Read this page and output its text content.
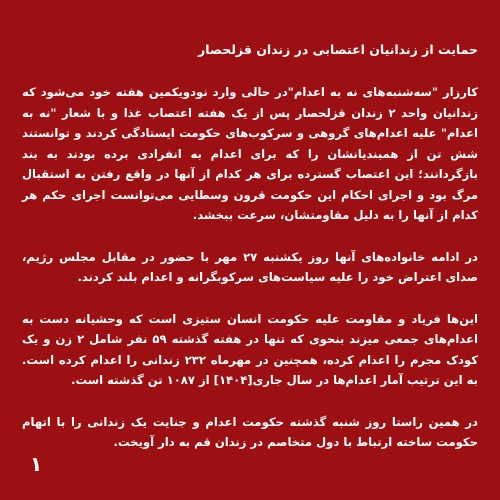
حمایت از زندانیان اعتصابی در زندان قزلحصار

کارزار "سه‌شنبه‌های نه به اعدام"در حالی وارد نودویکمین هفته خود می‌شود که زندانیان واحد ۲ زندان قزلحصار پس از یک هفته اعتصاب غذا و با شعار "نه به اعدام" علیه اعدام‌های گروهی و سرکوب‌های حکومت ایستادگی کردند و توانستند شش تن از همبندیانشان را که برای اعدام به انفرادی برده بودند به بند بازگردانند؛ این اعتصاب گسترده برای هر کدام از آنها در واقع رفتن به استقبال مرگ بود و اجرای احکام این حکومت قرون وسطایی می‌توانست اجرای حکم هر کدام از آنها را به دلیل مقاومتشان، سرعت ببخشد.

در ادامه خانواده‌های آنها روز یکشنبه ۲۷ مهر با حضور در مقابل مجلس رژیم، صدای اعتراض خود را علیه سیاست‌های سرکوبگرانه و اعدام بلند کردند.

این‌ها فریاد و مقاومت علیه حکومت انسان ستیزی است که وحشیانه دست به اعدام‌های جمعی میزند بنحوی که تنها در هفته گذشته ۵۹ نفر شامل ۲ زن و یک کودک مجرم را اعدام کرده، همچنین در مهرماه ۲۳۲ زندانی را اعدام کرده است. به این ترتیب آمار اعدام‌ها در سال جاری[۱۴۰۴] از ۱۰۸۷ تن گذشته است.

در همین راستا روز شنبه گذشته حکومت اعدام و جنایت یک زندانی را با اتهام حکومت ساخته ارتباط با دول متخاصم در زندان قم به دار آویخت.

۱
